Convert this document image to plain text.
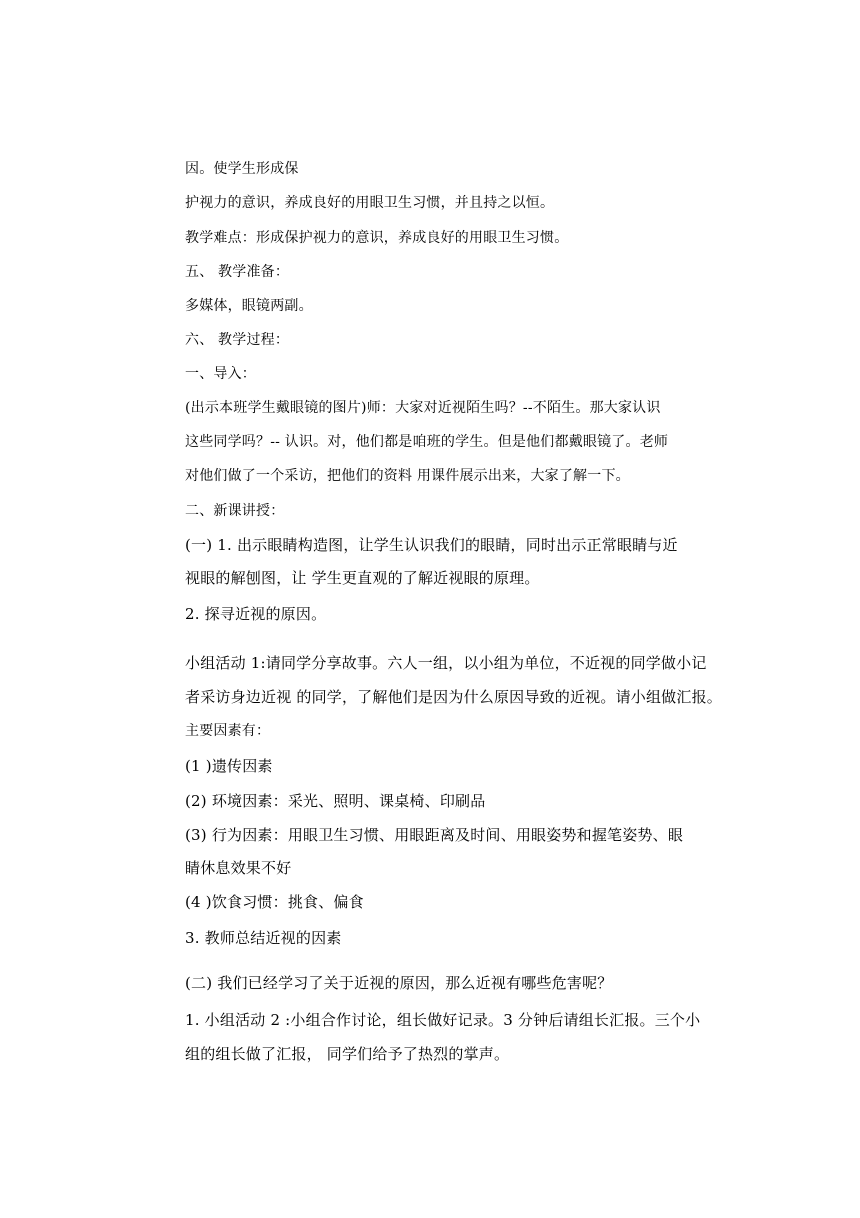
因。使学生形成保

护视力的意识，养成良好的用眼卫生习惯，并且持之以恒。

教学难点：形成保护视力的意识，养成良好的用眼卫生习惯。

五、 教学准备：

多媒体，眼镜两副。

六、 教学过程：

一、导入：

(出示本班学生戴眼镜的图片)师：大家对近视陌生吗？--不陌生。那大家认识

这些同学吗？-- 认识。对，他们都是咱班的学生。但是他们都戴眼镜了。老师

对他们做了一个采访，把他们的资料 用课件展示出来，大家了解一下。

二、新课讲授：

(一) 1. 出示眼睛构造图，让学生认识我们的眼睛，同时出示正常眼睛与近

视眼的解刨图，让 学生更直观的了解近视眼的原理。

2. 探寻近视的原因。

小组活动 1:请同学分享故事。六人一组，以小组为单位，不近视的同学做小记

者采访身边近视 的同学，了解他们是因为什么原因导致的近视。请小组做汇报。

主要因素有：

(1 )遗传因素

(2) 环境因素：采光、照明、课桌椅、印刷品

(3) 行为因素：用眼卫生习惯、用眼距离及时间、用眼姿势和握笔姿势、眼

睛休息效果不好

(4 )饮食习惯：挑食、偏食

3. 教师总结近视的因素

(二) 我们已经学习了关于近视的原因，那么近视有哪些危害呢？

1. 小组活动 2 :小组合作讨论，组长做好记录。3 分钟后请组长汇报。三个小

组的组长做了汇报， 同学们给予了热烈的掌声。
